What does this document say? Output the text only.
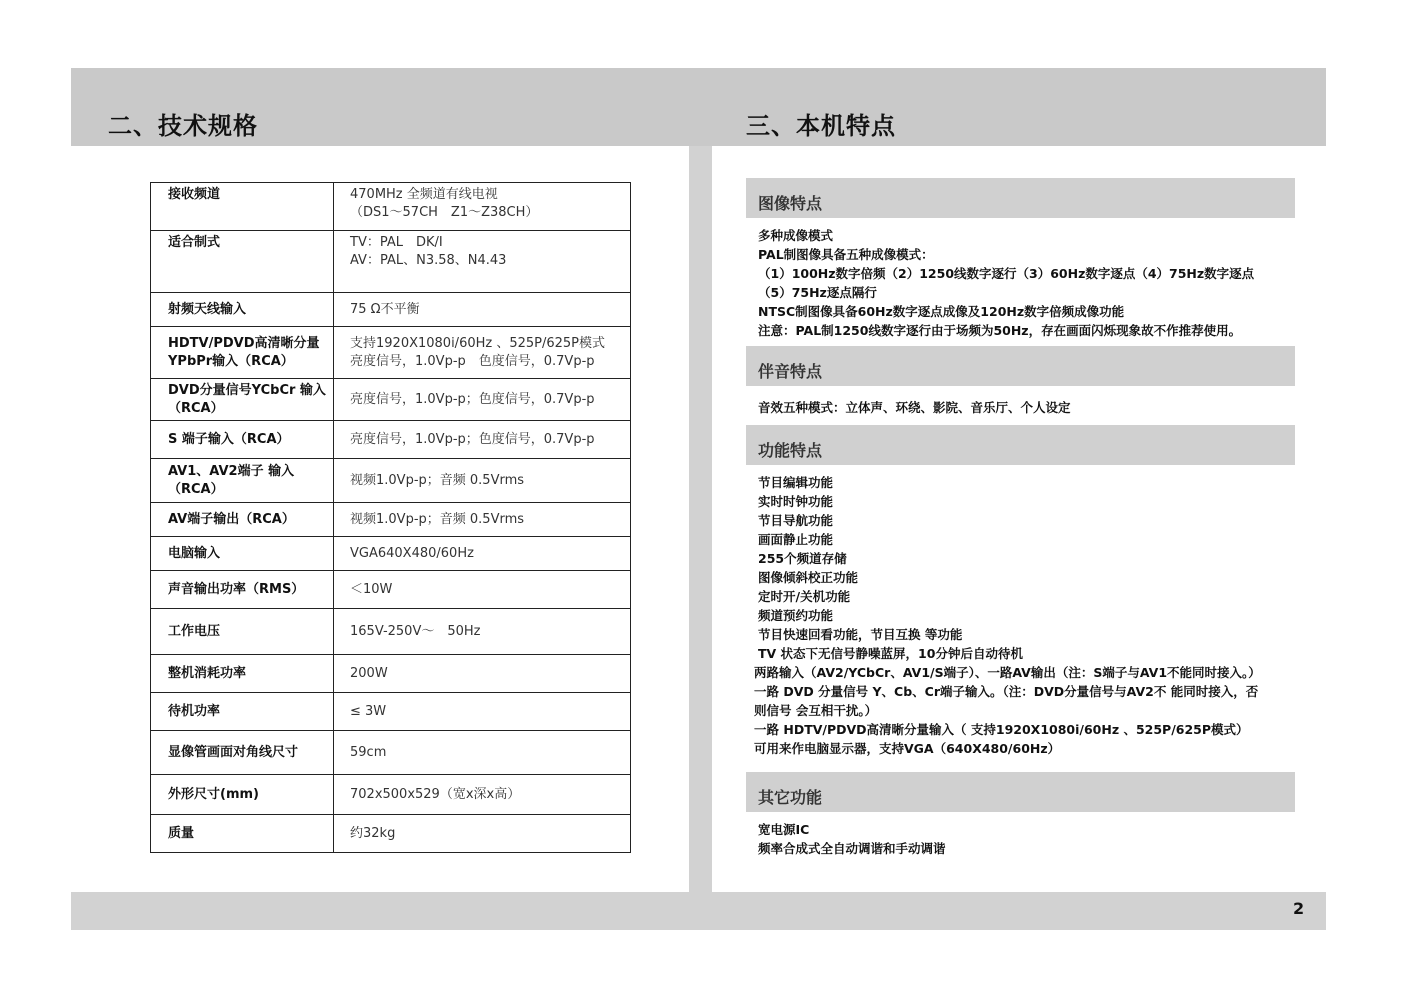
二、技术规格	三、本机特点
接收频道	470MHz 全频道有线电视
（DS1～57CH　Z1～Z38CH）

适合制式	TV：PAL　DK/I
AV：PAL、N3.58、N4.43

射频天线输入	75 Ω不平衡

HDTV/PDVD高清晰分量 YPbPr输入（RCA）	支持1920X1080i/60Hz 、525P/625P模式
亮度信号，1.0Vp-p　色度信号，0.7Vp-p

DVD分量信号YCbCr 输入（RCA）	亮度信号，1.0Vp-p；色度信号，0.7Vp-p

S 端子输入（RCA）	亮度信号，1.0Vp-p；色度信号，0.7Vp-p

AV1、AV2端子 输入（RCA）	视频1.0Vp-p；音频 0.5Vrms

AV端子输出（RCA）	视频1.0Vp-p；音频 0.5Vrms

电脑输入	VGA640X480/60Hz

声音输出功率（RMS）	＜10W

工作电压	165V-250V～　50Hz

整机消耗功率	200W

待机功率	≤ 3W

显像管画面对角线尺寸	59cm

外形尺寸(mm)	702x500x529（宽x深x高）

质量	约32kg
图像特点
多种成像模式
PAL制图像具备五种成像模式：
（1）100Hz数字倍频（2）1250线数字逐行（3）60Hz数字逐点（4）75Hz数字逐点
（5）75Hz逐点隔行
NTSC制图像具备60Hz数字逐点成像及120Hz数字倍频成像功能
注意：PAL制1250线数字逐行由于场频为50Hz，存在画面闪烁现象故不作推荐使用。
伴音特点
音效五种模式：立体声、环绕、影院、音乐厅、个人设定
功能特点
节目编辑功能
实时时钟功能
节目导航功能
画面静止功能
255个频道存储
图像倾斜校正功能
定时开/关机功能
频道预约功能
节目快速回看功能，节目互换 等功能
TV 状态下无信号静噪蓝屏，10分钟后自动待机
两路输入（AV2/YCbCr、AV1/S端子）、一路AV输出（注：S端子与AV1不能同时接入。）
一路 DVD 分量信号 Y、Cb、Cr端子输入。（注：DVD分量信号与AV2不 能同时接入，否
则信号 会互相干扰。）
一路 HDTV/PDVD高清晰分量输入（ 支持1920X1080i/60Hz 、525P/625P模式）
可用来作电脑显示器，支持VGA（640X480/60Hz）
其它功能
宽电源IC
频率合成式全自动调谐和手动调谐
2
